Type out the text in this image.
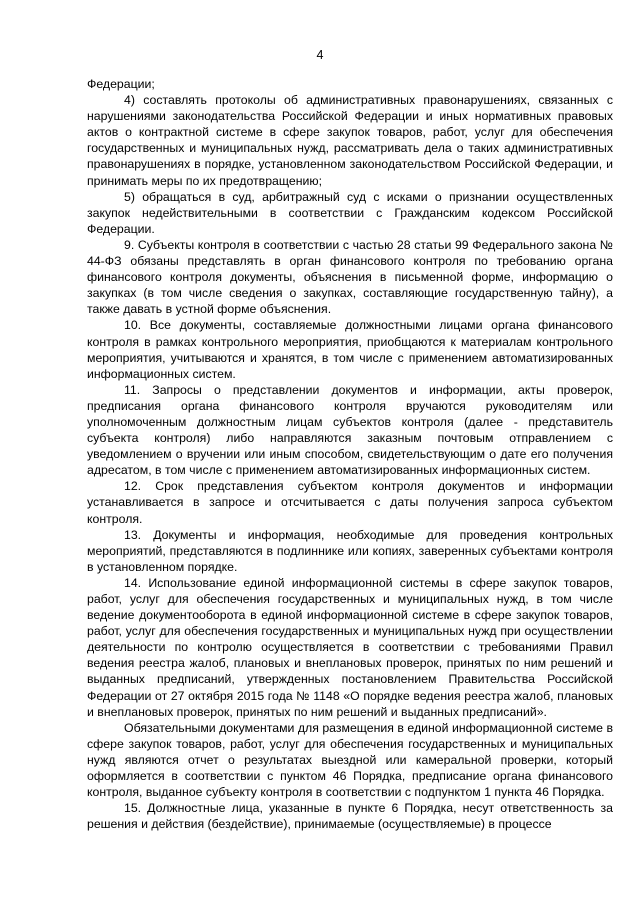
4

Федерации;

4) составлять протоколы об административных правонарушениях, связанных с нарушениями законодательства Российской Федерации и иных нормативных правовых актов о контрактной системе в сфере закупок товаров, работ, услуг для обеспечения государственных и муниципальных нужд, рассматривать дела о таких административных правонарушениях в порядке, установленном законодательством Российской Федерации, и принимать меры по их предотвращению;

5) обращаться в суд, арбитражный суд с исками о признании осуществленных закупок недействительными в соответствии с Гражданским кодексом Российской Федерации.

9. Субъекты контроля в соответствии с частью 28 статьи 99 Федерального закона № 44-ФЗ обязаны представлять в орган финансового контроля по требованию органа финансового контроля документы, объяснения в письменной форме, информацию о закупках (в том числе сведения о закупках, составляющие государственную тайну), а также давать в устной форме объяснения.

10. Все документы, составляемые должностными лицами органа финансового контроля в рамках контрольного мероприятия, приобщаются к материалам контрольного мероприятия, учитываются и хранятся, в том числе с применением автоматизированных информационных систем.

11. Запросы о представлении документов и информации, акты проверок, предписания органа финансового контроля вручаются руководителям или уполномоченным должностным лицам субъектов контроля (далее - представитель субъекта контроля) либо направляются заказным почтовым отправлением с уведомлением о вручении или иным способом, свидетельствующим о дате его получения адресатом, в том числе с применением автоматизированных информационных систем.

12. Срок представления субъектом контроля документов и информации устанавливается в запросе и отсчитывается с даты получения запроса субъектом контроля.

13. Документы и информация, необходимые для проведения контрольных мероприятий, представляются в подлиннике или копиях, заверенных субъектами контроля в установленном порядке.

14. Использование единой информационной системы в сфере закупок товаров, работ, услуг для обеспечения государственных и муниципальных нужд, в том числе ведение документооборота в единой информационной системе в сфере закупок товаров, работ, услуг для обеспечения государственных и муниципальных нужд при осуществлении деятельности по контролю осуществляется в соответствии с требованиями Правил ведения реестра жалоб, плановых и внеплановых проверок, принятых по ним решений и выданных предписаний, утвержденных постановлением Правительства Российской Федерации от 27 октября 2015 года № 1148 «О порядке ведения реестра жалоб, плановых и внеплановых проверок, принятых по ним решений и выданных предписаний».

Обязательными документами для размещения в единой информационной системе в сфере закупок товаров, работ, услуг для обеспечения государственных и муниципальных нужд являются отчет о результатах выездной или камеральной проверки, который оформляется в соответствии с пунктом 46 Порядка, предписание органа финансового контроля, выданное субъекту контроля в соответствии с подпунктом 1 пункта 46 Порядка.

15. Должностные лица, указанные в пункте 6 Порядка, несут ответственность за решения и действия (бездействие), принимаемые (осуществляемые) в процессе
